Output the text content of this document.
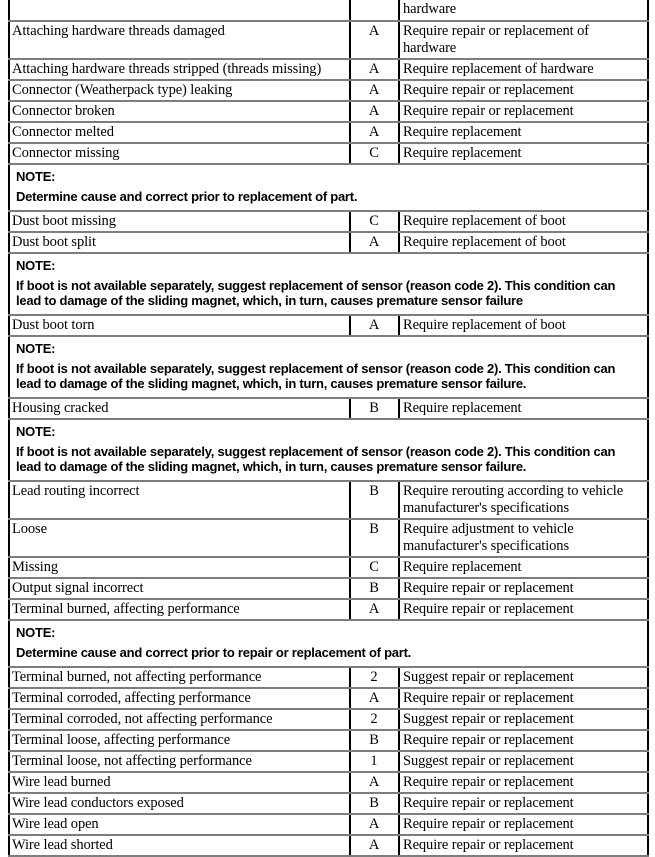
		hardware
Attaching hardware threads damaged	A	Require repair or replacement of hardware
Attaching hardware threads stripped (threads missing)	A	Require replacement of hardware
Connector (Weatherpack type) leaking	A	Require repair or replacement
Connector broken	A	Require repair or replacement
Connector melted	A	Require replacement
Connector missing	C	Require replacement

NOTE:
Determine cause and correct prior to replacement of part.		

Dust boot missing	C	Require replacement of boot
Dust boot split	A	Require replacement of boot

NOTE:
If boot is not available separately, suggest replacement of sensor (reason code 2). This condition can lead to damage of the sliding magnet, which, in turn, causes premature sensor failure		

Dust boot torn	A	Require replacement of boot

NOTE:
If boot is not available separately, suggest replacement of sensor (reason code 2). This condition can lead to damage of the sliding magnet, which, in turn, causes premature sensor failure.		

Housing cracked	B	Require replacement

NOTE:
If boot is not available separately, suggest replacement of sensor (reason code 2). This condition can lead to damage of the sliding magnet, which, in turn, causes premature sensor failure.		

Lead routing incorrect	B	Require rerouting according to vehicle manufacturer's specifications
Loose	B	Require adjustment to vehicle manufacturer's specifications
Missing	C	Require replacement
Output signal incorrect	B	Require repair or replacement
Terminal burned, affecting performance	A	Require repair or replacement

NOTE:
Determine cause and correct prior to repair or replacement of part.		

Terminal burned, not affecting performance	2	Suggest repair or replacement
Terminal corroded, affecting performance	A	Require repair or replacement
Terminal corroded, not affecting performance	2	Suggest repair or replacement
Terminal loose, affecting performance	B	Require repair or replacement
Terminal loose, not affecting performance	1	Suggest repair or replacement
Wire lead burned	A	Require repair or replacement
Wire lead conductors exposed	B	Require repair or replacement
Wire lead open	A	Require repair or replacement
Wire lead shorted	A	Require repair or replacement
